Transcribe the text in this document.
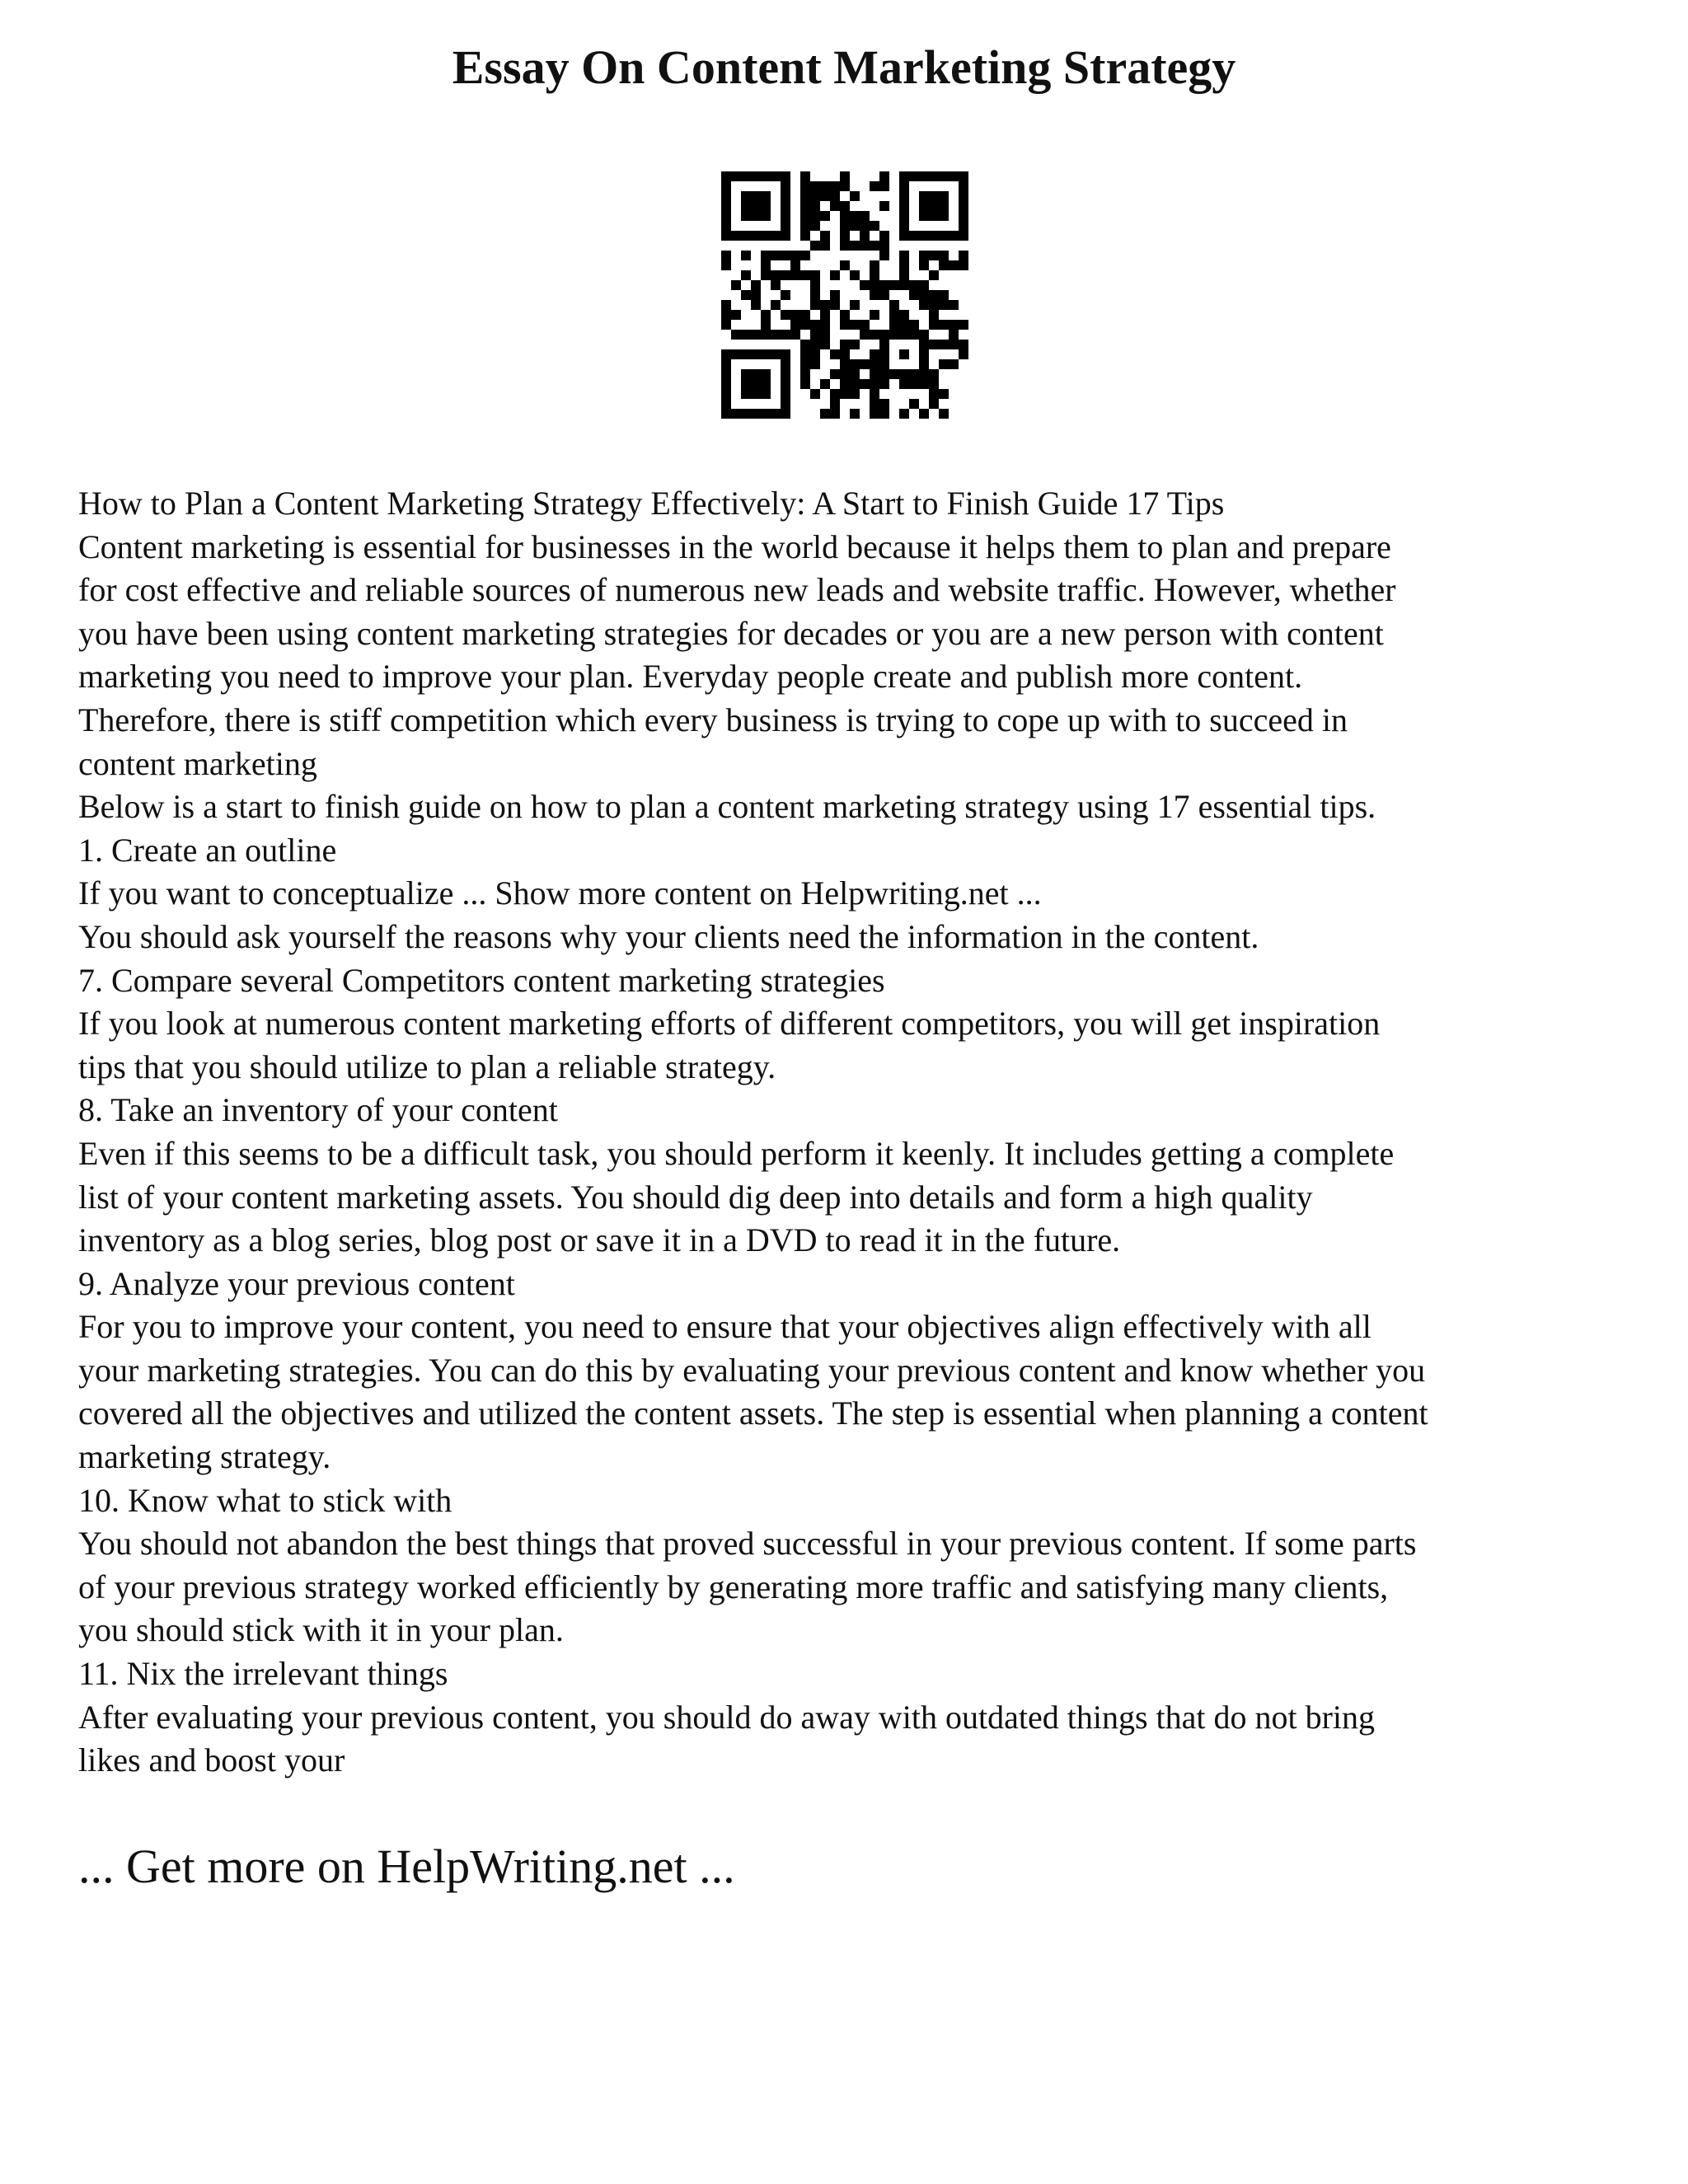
Essay On Content Marketing Strategy
How to Plan a Content Marketing Strategy Effectively: A Start to Finish Guide 17 Tips
Content marketing is essential for businesses in the world because it helps them to plan and prepare
for cost effective and reliable sources of numerous new leads and website traffic. However, whether
you have been using content marketing strategies for decades or you are a new person with content
marketing you need to improve your plan. Everyday people create and publish more content.
Therefore, there is stiff competition which every business is trying to cope up with to succeed in
content marketing
Below is a start to finish guide on how to plan a content marketing strategy using 17 essential tips.
1. Create an outline
If you want to conceptualize ... Show more content on Helpwriting.net ...
You should ask yourself the reasons why your clients need the information in the content.
7. Compare several Competitors content marketing strategies
If you look at numerous content marketing efforts of different competitors, you will get inspiration
tips that you should utilize to plan a reliable strategy.
8. Take an inventory of your content
Even if this seems to be a difficult task, you should perform it keenly. It includes getting a complete
list of your content marketing assets. You should dig deep into details and form a high quality
inventory as a blog series, blog post or save it in a DVD to read it in the future.
9. Analyze your previous content
For you to improve your content, you need to ensure that your objectives align effectively with all
your marketing strategies. You can do this by evaluating your previous content and know whether you
covered all the objectives and utilized the content assets. The step is essential when planning a content
marketing strategy.
10. Know what to stick with
You should not abandon the best things that proved successful in your previous content. If some parts
of your previous strategy worked efficiently by generating more traffic and satisfying many clients,
you should stick with it in your plan.
11. Nix the irrelevant things
After evaluating your previous content, you should do away with outdated things that do not bring
likes and boost your

... Get more on HelpWriting.net ...
